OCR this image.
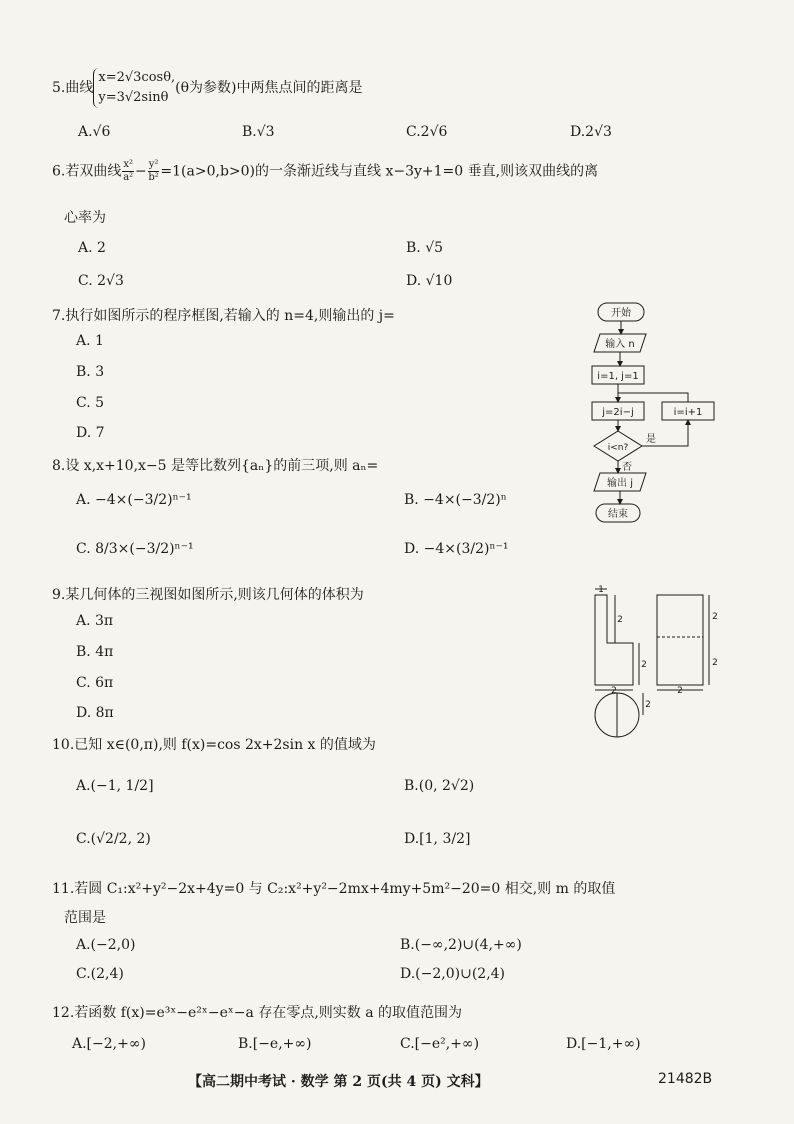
5.曲线
x=2√3cosθ,
y=3√2sinθ
(θ为参数)中两焦点间的距离是
A.√6	B.√3	C.2√6	D.2√3
6.若双曲线 $\frac{\text{x²}}{\text{a²}} - \frac{\text{y²}}{\text{b²}} =1(a>0,b>0)$的一条渐近线与直线 x−3y+1=0 垂直,则该双曲线的离
心率为
A. 2	B. √5
C. 2√3	D. √10
7.执行如图所示的程序框图,若输入的 n=4,则输出的 j=
A. 1
B. 3
C. 5
D. 7
开始
输入 n
i=1, j=1
j=2i−j	i=i+1
i<n?
是
否
输出 j
结束
8.设 x,x+10,x−5 是等比数列{aₙ}的前三项,则 aₙ=
A. −4×(−3/2)ⁿ⁻¹	B. −4×(−3/2)ⁿ
C. 8/3×(−3/2)ⁿ⁻¹	D. −4×(3/2)ⁿ⁻¹
9.某几何体的三视图如图所示,则该几何体的体积为
A. 3π
B. 4π
C. 6π
D. 8π
1
2
2
2	2
2
2
2
10.已知 x∈(0,π),则 f(x)=cos 2x+2sin x 的值域为
A.(−1, 1/2]	B.(0, 2√2)
C.(√2/2, 2)	D.[1, 3/2]
11.若圆 C₁:x²+y²−2x+4y=0 与 C₂:x²+y²−2mx+4my+5m²−20=0 相交,则 m 的取值
范围是
A.(−2,0)	B.(−∞,2)∪(4,+∞)
C.(2,4)	D.(−2,0)∪(2,4)
12.若函数 f(x)=e³ˣ−e²ˣ−eˣ−a 存在零点,则实数 a 的取值范围为
A.[−2,+∞)	B.[−e,+∞)	C.[−e²,+∞)	D.[−1,+∞)
【高二期中考试 · 数学 第 2 页(共 4 页) 文科】	21482B
